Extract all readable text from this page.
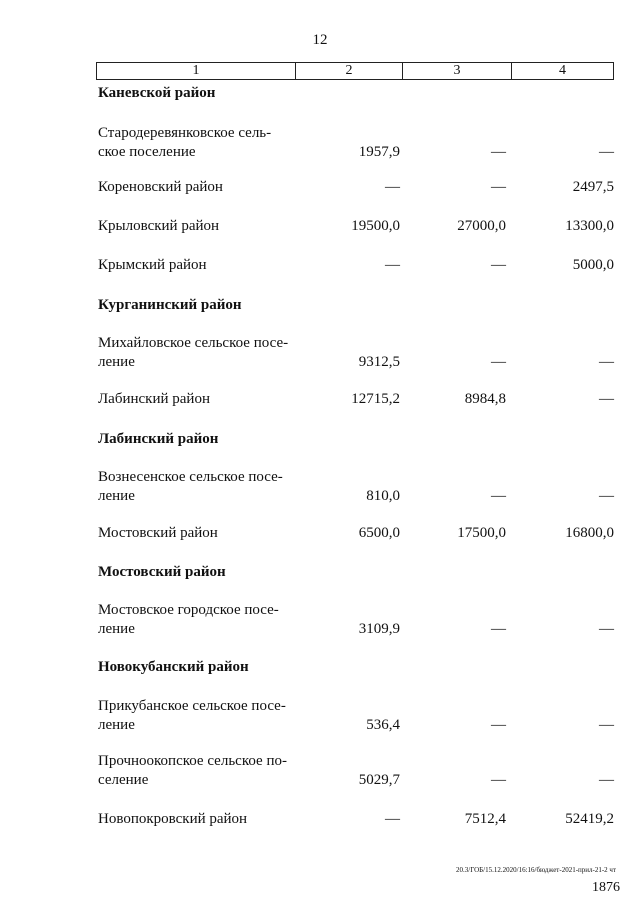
12
1	2	3	4
Каневской район
Стародеревянковское сель-
ское поселение	1957,9	—	—
Кореновский район	—	—	2497,5
Крыловский район	19500,0	27000,0	13300,0
Крымский район	—	—	5000,0
Курганинский район
Михайловское сельское посе-
ление	9312,5	—	—
Лабинский район	12715,2	8984,8	—
Лабинский район
Вознесенское сельское посе-
ление	810,0	—	—
Мостовский район	6500,0	17500,0	16800,0
Мостовский район
Мостовское городское посе-
ление	3109,9	—	—
Новокубанский район
Прикубанское сельское посе-
ление	536,4	—	—
Прочноокопское сельское по-
селение	5029,7	—	—
Новопокровский район	—	7512,4	52419,2
20.3/ГОБ/15.12.2020/16:16/бюджет-2021-прил-21-2 чт
1876
